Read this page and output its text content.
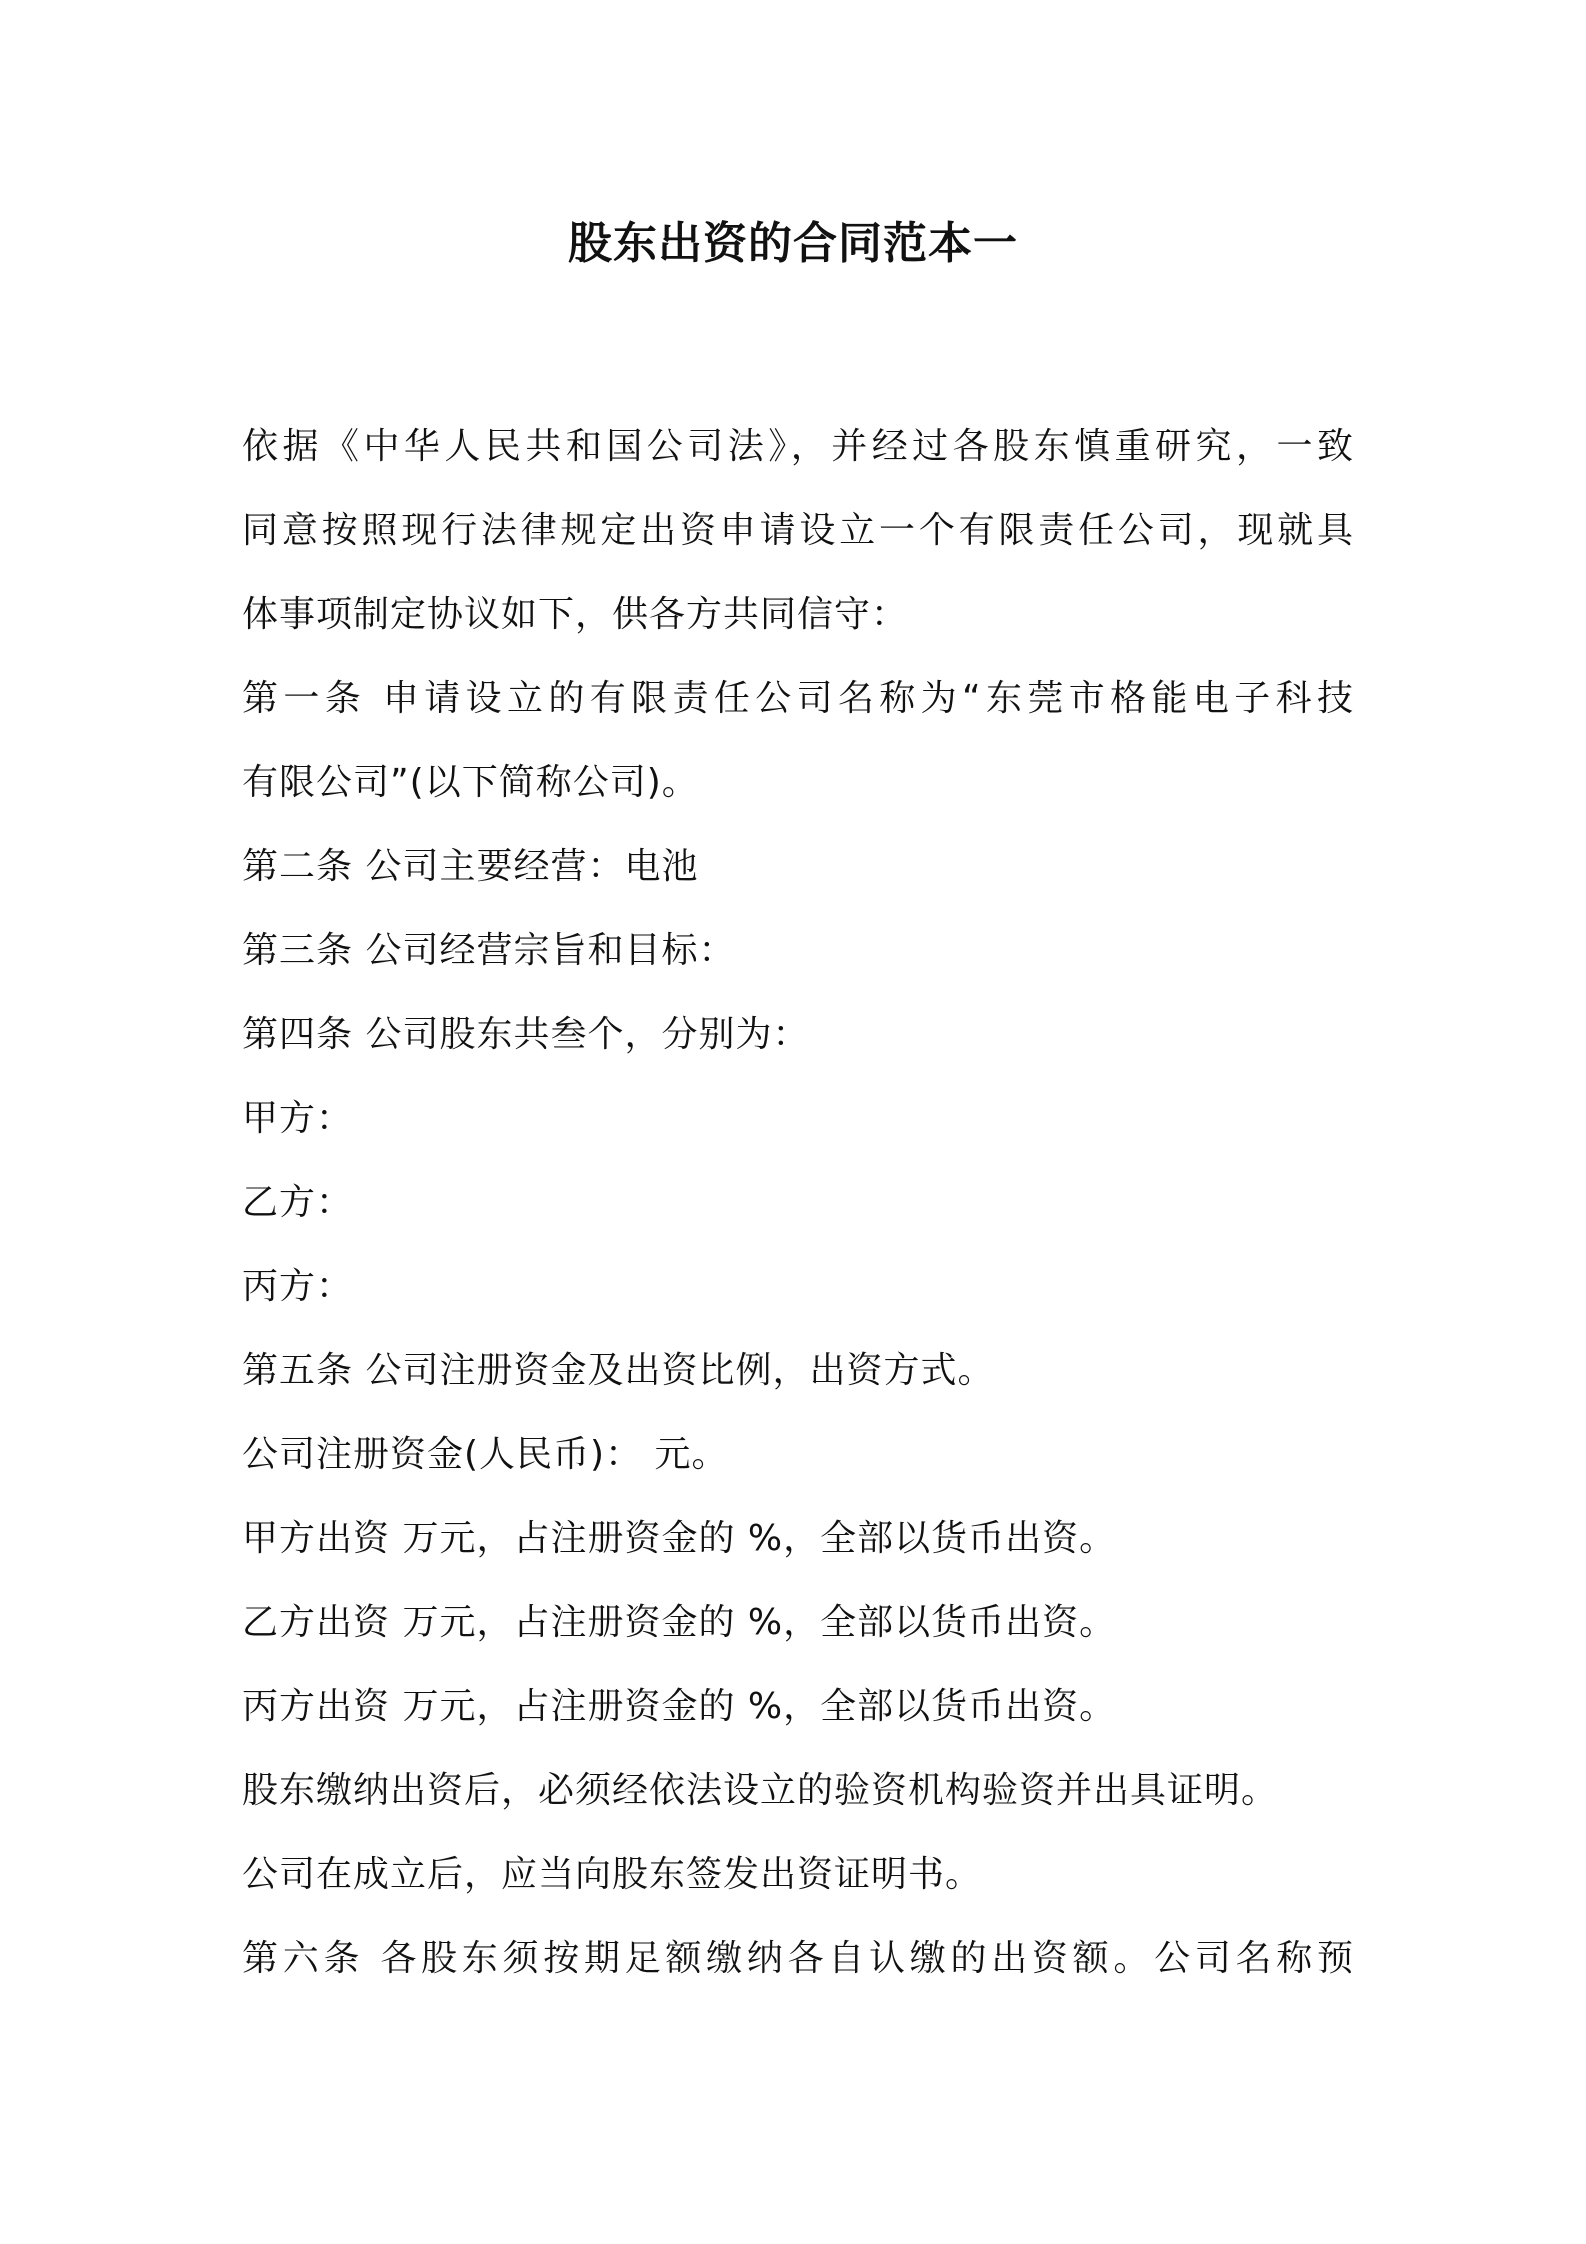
股东出资的合同范本一
依据《中华人民共和国公司法》，并经过各股东慎重研究，一致
同意按照现行法律规定出资申请设立一个有限责任公司，现就具
体事项制定协议如下，供各方共同信守：
第一条 申请设立的有限责任公司名称为“东莞市格能电子科技
有限公司”(以下简称公司)。
第二条 公司主要经营：电池
第三条 公司经营宗旨和目标：
第四条 公司股东共叁个，分别为：
甲方：
乙方：
丙方：
第五条 公司注册资金及出资比例，出资方式。
公司注册资金(人民币)： 元。
甲方出资 万元，占注册资金的 %，全部以货币出资。
乙方出资 万元，占注册资金的 %，全部以货币出资。
丙方出资 万元，占注册资金的 %，全部以货币出资。
股东缴纳出资后，必须经依法设立的验资机构验资并出具证明。
公司在成立后，应当向股东签发出资证明书。
第六条 各股东须按期足额缴纳各自认缴的出资额。公司名称预
